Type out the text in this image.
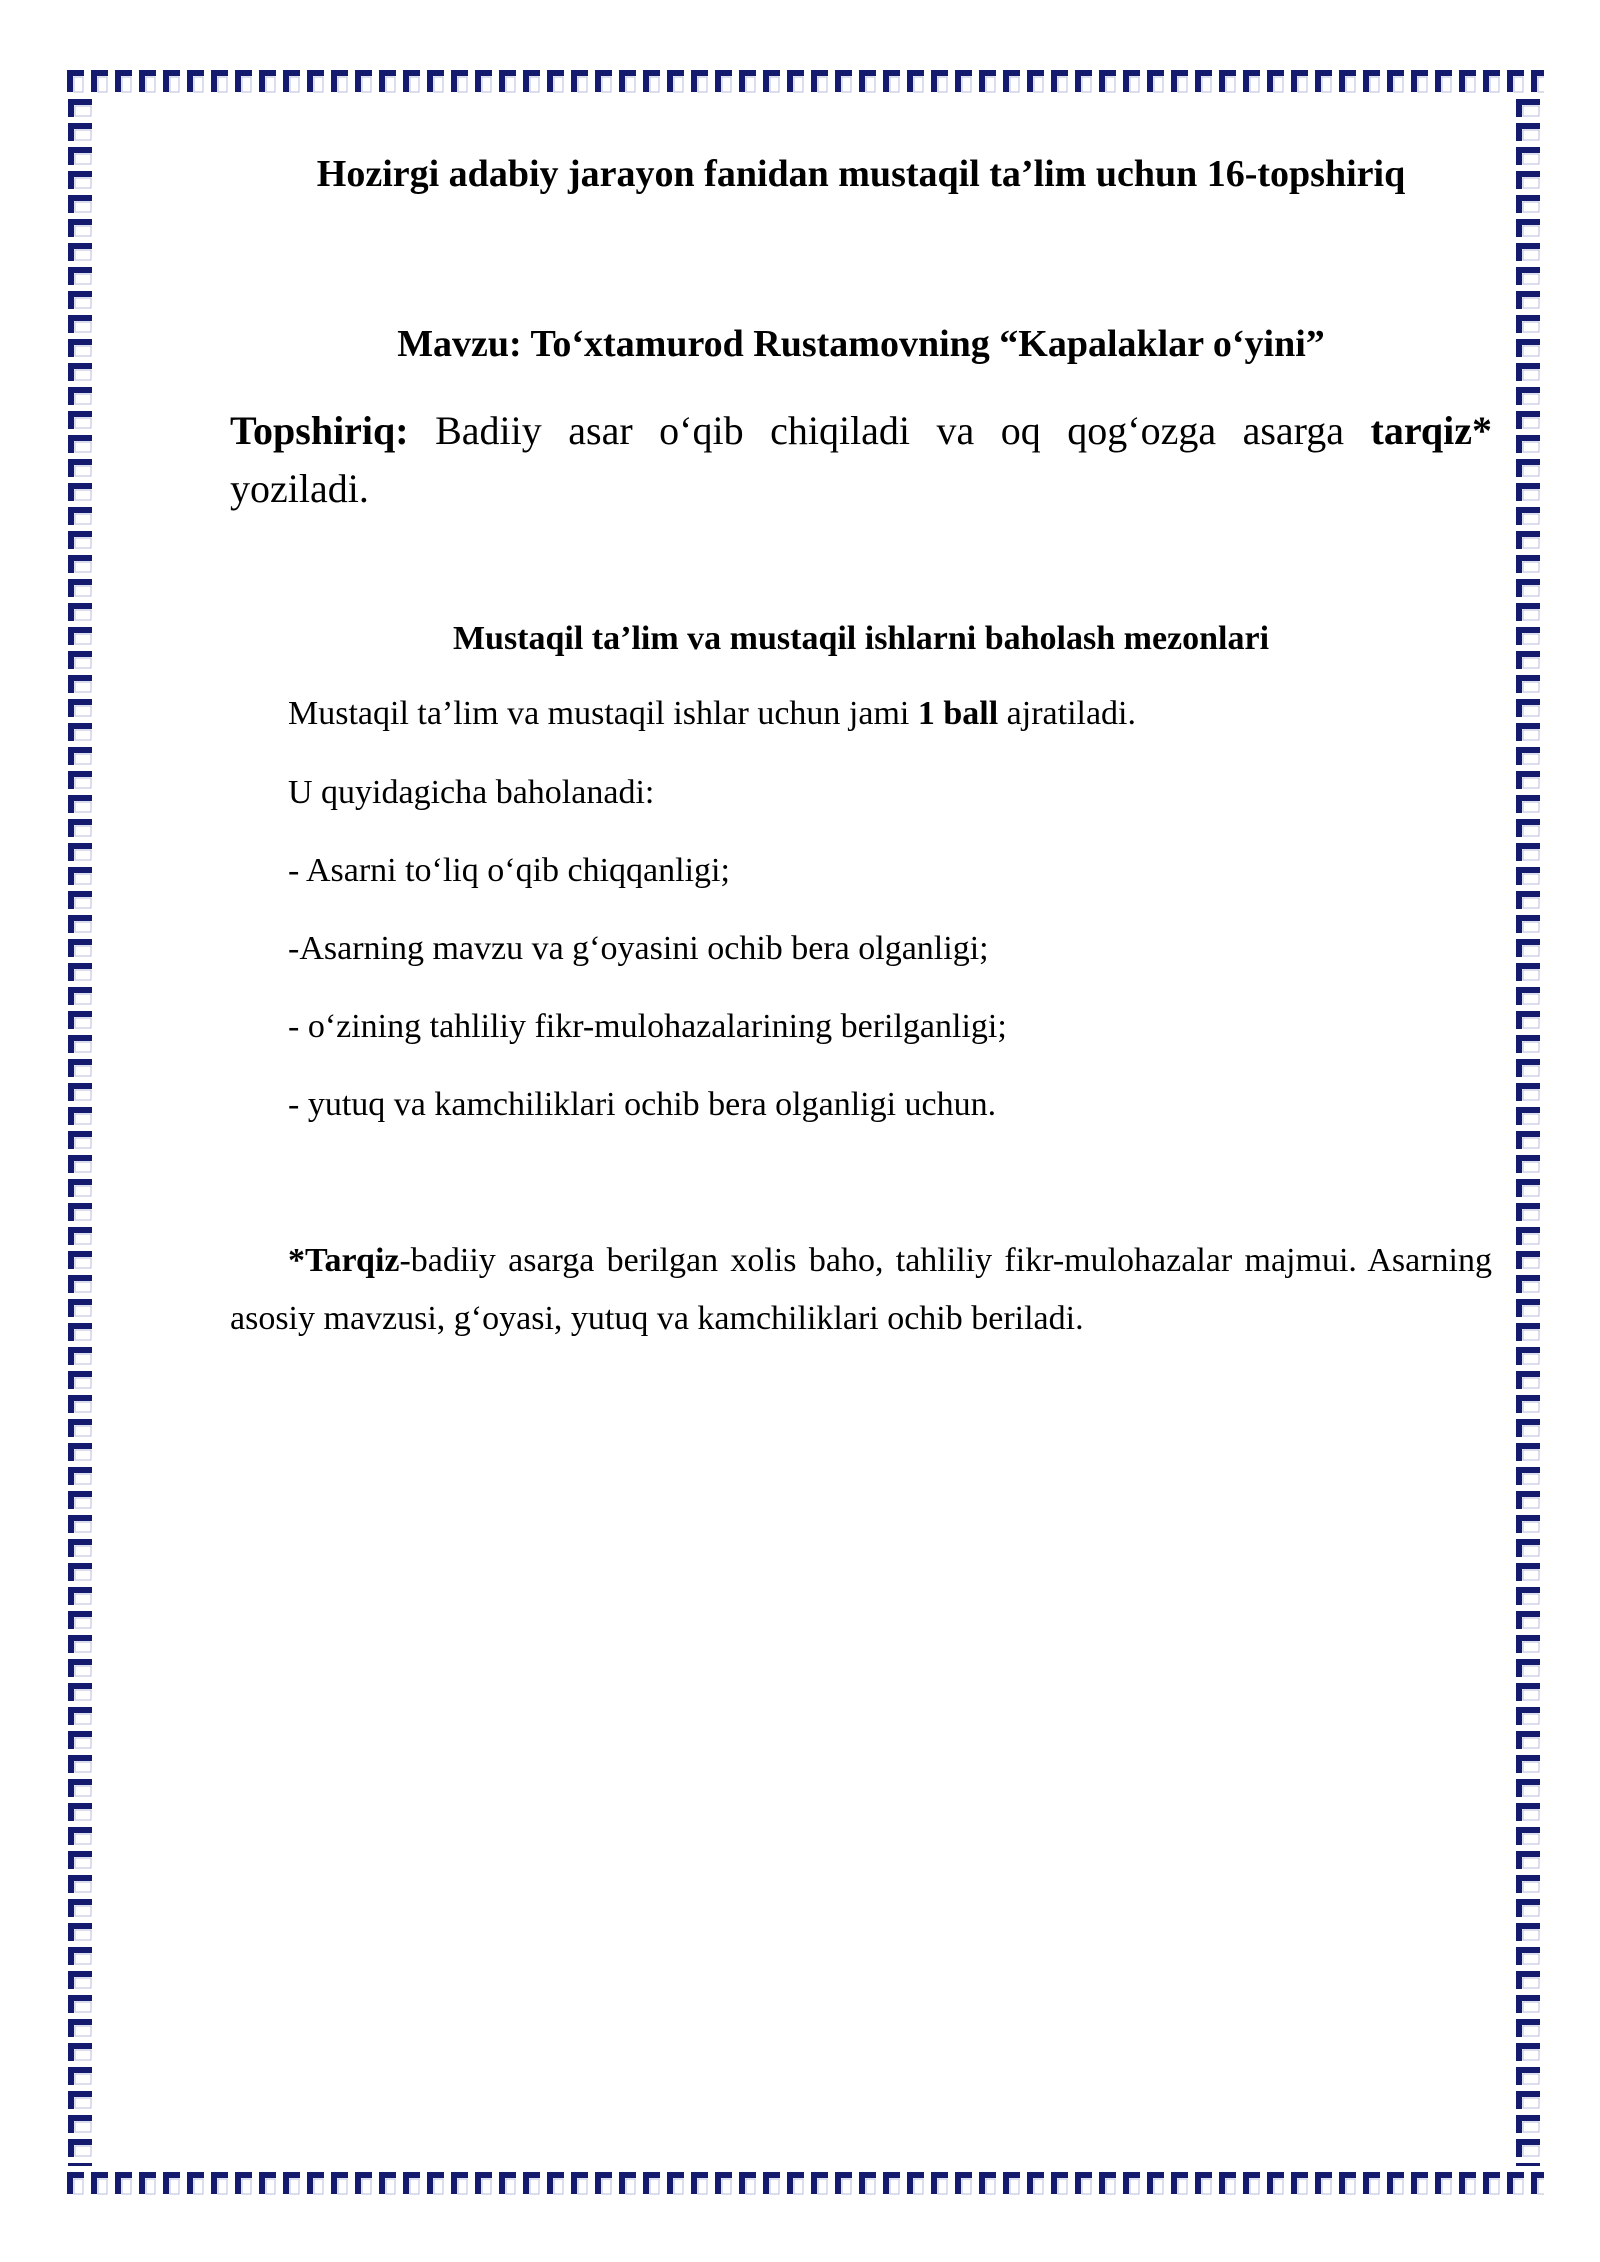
Hozirgi adabiy jarayon fanidan mustaqil ta’lim uchun 16-topshiriq
Mavzu: To‘xtamurod Rustamovning “Kapalaklar o‘yini”

Topshiriq: Badiiy asar o‘qib chiqiladi va oq qog‘ozga asarga tarqiz* yoziladi.

Mustaqil ta’lim va mustaqil ishlarni baholash mezonlari

Mustaqil ta’lim va mustaqil ishlar uchun jami 1 ball ajratiladi.

U quyidagicha baholanadi:

- Asarni to‘liq o‘qib chiqqanligi;

-Asarning mavzu va g‘oyasini ochib bera olganligi;

- o‘zining tahliliy fikr-mulohazalarining berilganligi;

- yutuq va kamchiliklari ochib bera olganligi uchun.

*Tarqiz-badiiy asarga berilgan xolis baho, tahliliy fikr-mulohazalar majmui. Asarning asosiy mavzusi, g‘oyasi, yutuq va kamchiliklari ochib beriladi.
